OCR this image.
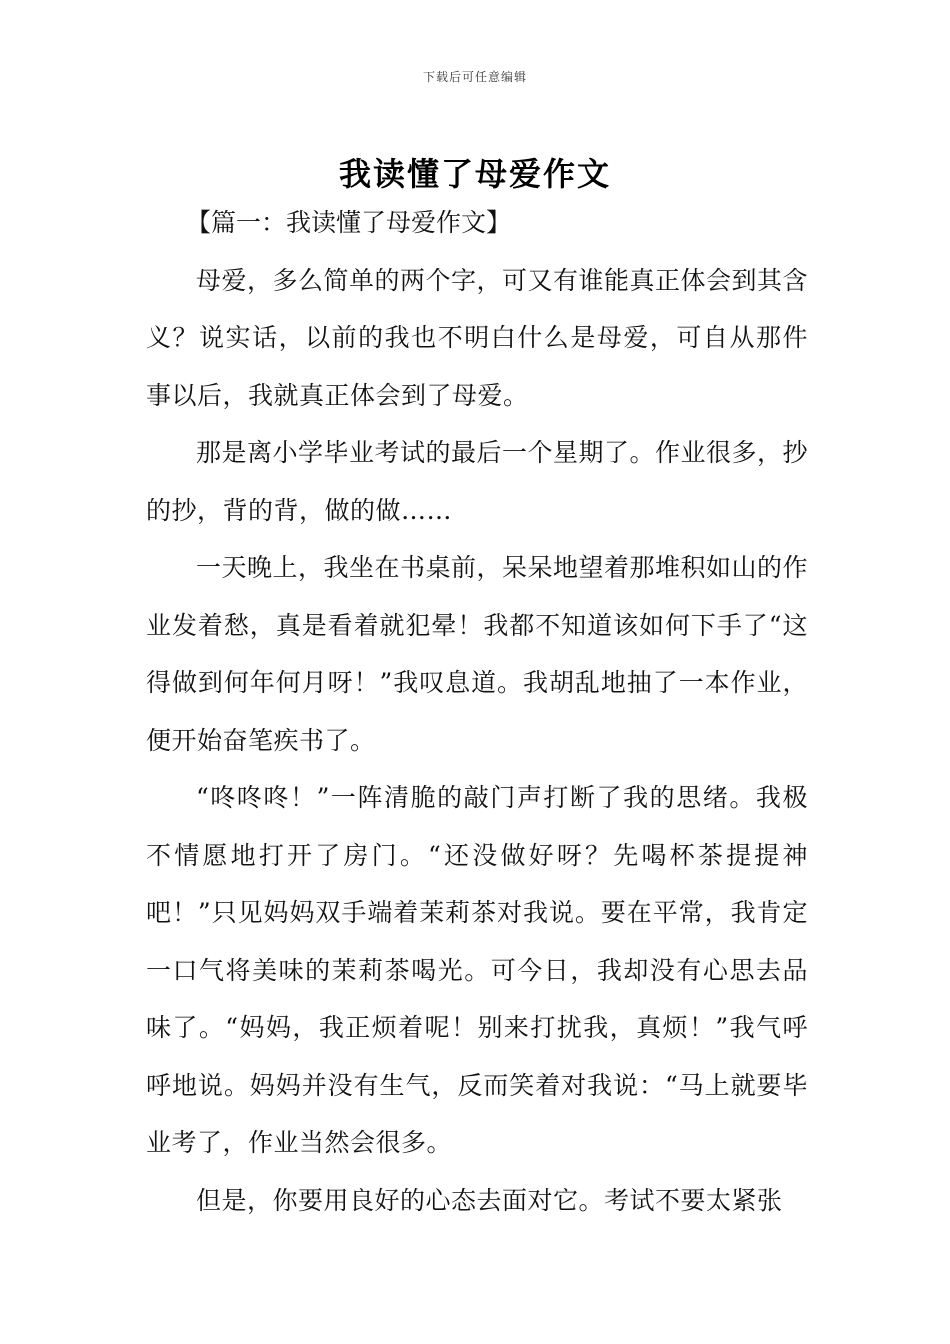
下载后可任意编辑
我读懂了母爱作文

【篇一：我读懂了母爱作文】

母爱，多么简单的两个字，可又有谁能真正体会到其含义？说实话，以前的我也不明白什么是母爱，可自从那件事以后，我就真正体会到了母爱。

那是离小学毕业考试的最后一个星期了。作业很多，抄的抄，背的背，做的做……

一天晚上，我坐在书桌前，呆呆地望着那堆积如山的作业发着愁，真是看着就犯晕！我都不知道该如何下手了“这得做到何年何月呀！”我叹息道。我胡乱地抽了一本作业，便开始奋笔疾书了。

“咚咚咚！”一阵清脆的敲门声打断了我的思绪。我极不情愿地打开了房门。“还没做好呀？先喝杯茶提提神吧！”只见妈妈双手端着茉莉茶对我说。要在平常，我肯定一口气将美味的茉莉茶喝光。可今日，我却没有心思去品味了。“妈妈，我正烦着呢！别来打扰我，真烦！”我气呼呼地说。妈妈并没有生气，反而笑着对我说：“马上就要毕业考了，作业当然会很多。

但是，你要用良好的心态去面对它。考试不要太紧张
